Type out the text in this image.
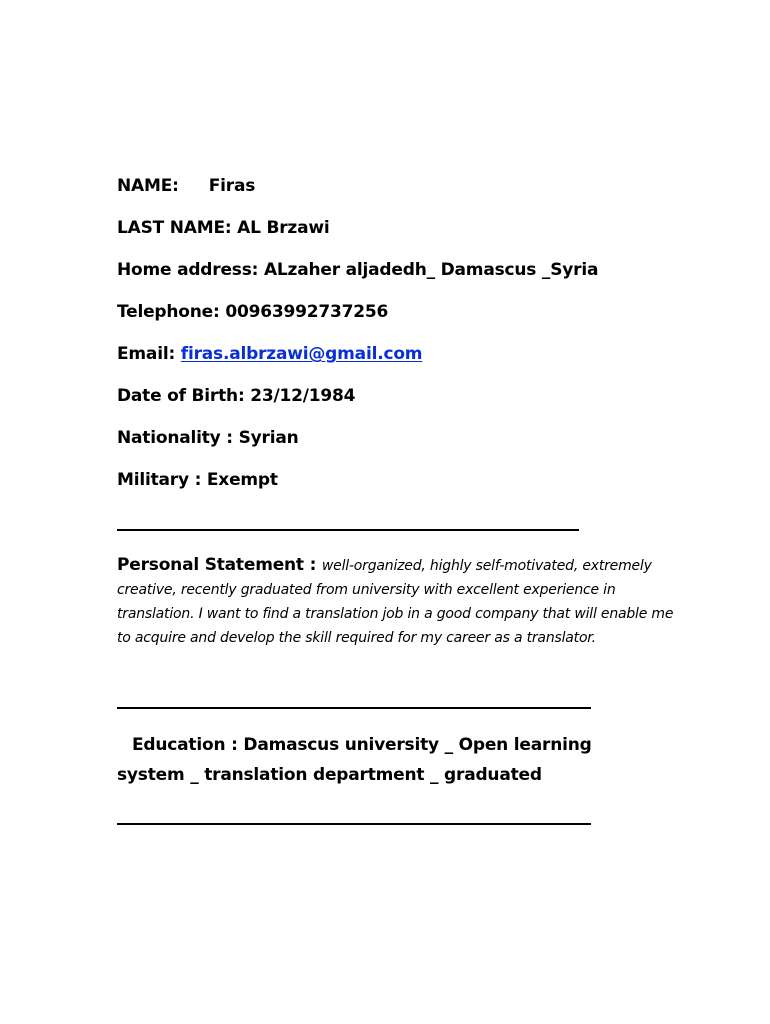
NAME: Firas
LAST NAME: AL Brzawi
Home address: ALzaher aljadedh_ Damascus _Syria
Telephone: 00963992737256
Email: firas.albrzawi@gmail.com
Date of Birth: 23/12/1984
Nationality : Syrian
Military : Exempt
Personal Statement : well-organized, highly self-motivated, extremely creative, recently graduated from university with excellent experience in translation. I want to find a translation job in a good company that will enable me to acquire and develop the skill required for my career as a translator.
Education : Damascus university _ Open learning system _ translation department _ graduated
